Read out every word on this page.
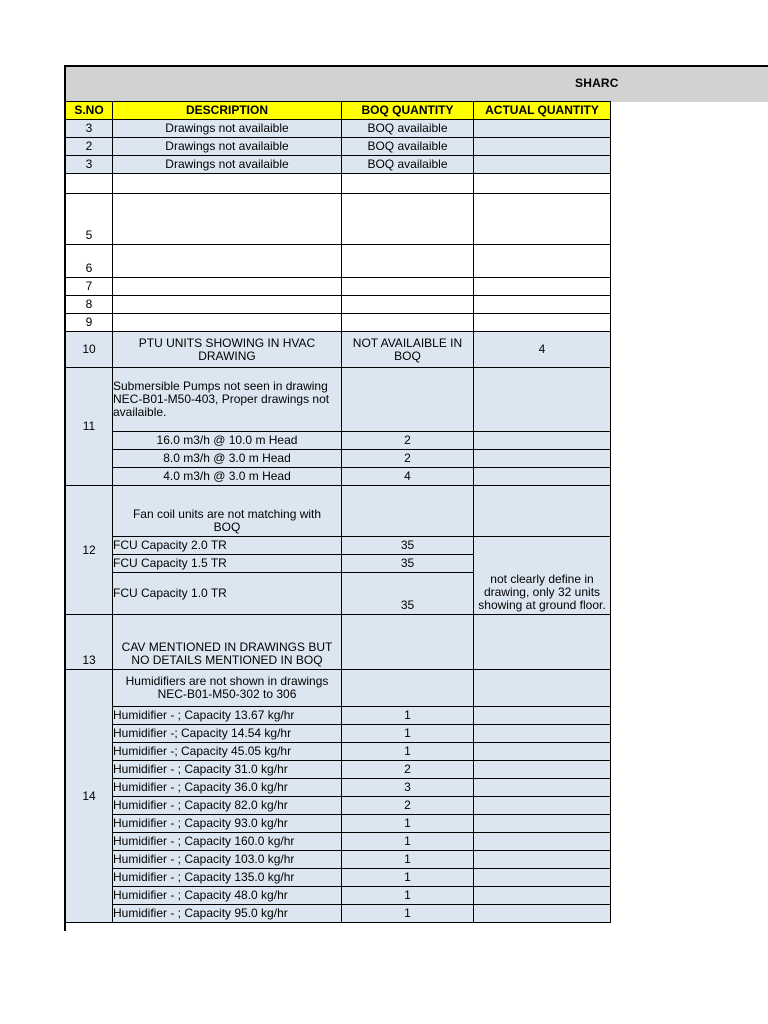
SHARC
S.NO	DESCRIPTION	BOQ QUANTITY	ACTUAL QUANTITY
3	Drawings not availaible	BOQ availaible	
2	Drawings not availaible	BOQ availaible	
3	Drawings not availaible	BOQ availaible	

5			
6			
7			
8			
9			
10	PTU UNITS SHOWING IN HVAC DRAWING	NOT AVAILAIBLE IN BOQ	4
11	Submersible Pumps not seen in drawing NEC-B01-M50-403, Proper drawings not availaible.		
	16.0 m3/h @ 10.0 m Head	2	
	8.0 m3/h @ 3.0 m Head	2	
	4.0 m3/h @ 3.0 m Head	4	
12	Fan coil units are not matching with BOQ		
	FCU Capacity 2.0 TR	35	not clearly define in drawing, only 32 units showing at ground floor.
	FCU Capacity 1.5 TR	35	
	FCU Capacity 1.0 TR	35	
13	CAV MENTIONED IN DRAWINGS BUT NO DETAILS MENTIONED IN BOQ		
14	Humidifiers are not shown in drawings NEC-B01-M50-302 to 306		
	Humidifier - ; Capacity 13.67 kg/hr	1	
	Humidifier -; Capacity 14.54 kg/hr	1	
	Humidifier -; Capacity 45.05 kg/hr	1	
	Humidifier - ; Capacity 31.0 kg/hr	2	
	Humidifier - ; Capacity 36.0 kg/hr	3	
	Humidifier - ; Capacity 82.0 kg/hr	2	
	Humidifier - ; Capacity 93.0 kg/hr	1	
	Humidifier - ; Capacity 160.0 kg/hr	1	
	Humidifier - ; Capacity 103.0 kg/hr	1	
	Humidifier - ; Capacity 135.0 kg/hr	1	
	Humidifier - ; Capacity 48.0 kg/hr	1	
	Humidifier - ; Capacity 95.0 kg/hr	1	
